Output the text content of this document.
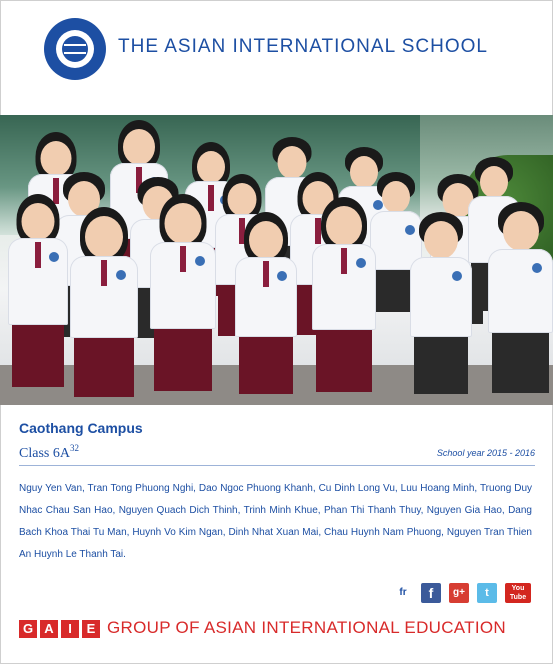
THE ASIAN INTERNATIONAL SCHOOL
Caothang Campus
Class $6A^{32}$	School year 2015 - 2016
Nguy Yen Van, Tran Tong Phuong Nghi, Dao Ngoc Phuong Khanh, Cu Dinh Long Vu, Luu Hoang Minh, Truong Duy Nhac Chau San Hao, Nguyen Quach Dich Thinh, Trinh Minh Khue, Phan Thi Thanh Thuy, Nguyen Gia Hao, Dang Bach Khoa Thai Tu Man, Huynh Vo Kim Ngan, Dinh Nhat Xuan Mai, Chau Huynh Nam Phuong, Nguyen Tran Thien An Huynh Le Thanh Tai.
fr	f	g+	t	You Tube
G A	I	E GROUP OF ASIAN INTERNATIONAL EDUCATION
